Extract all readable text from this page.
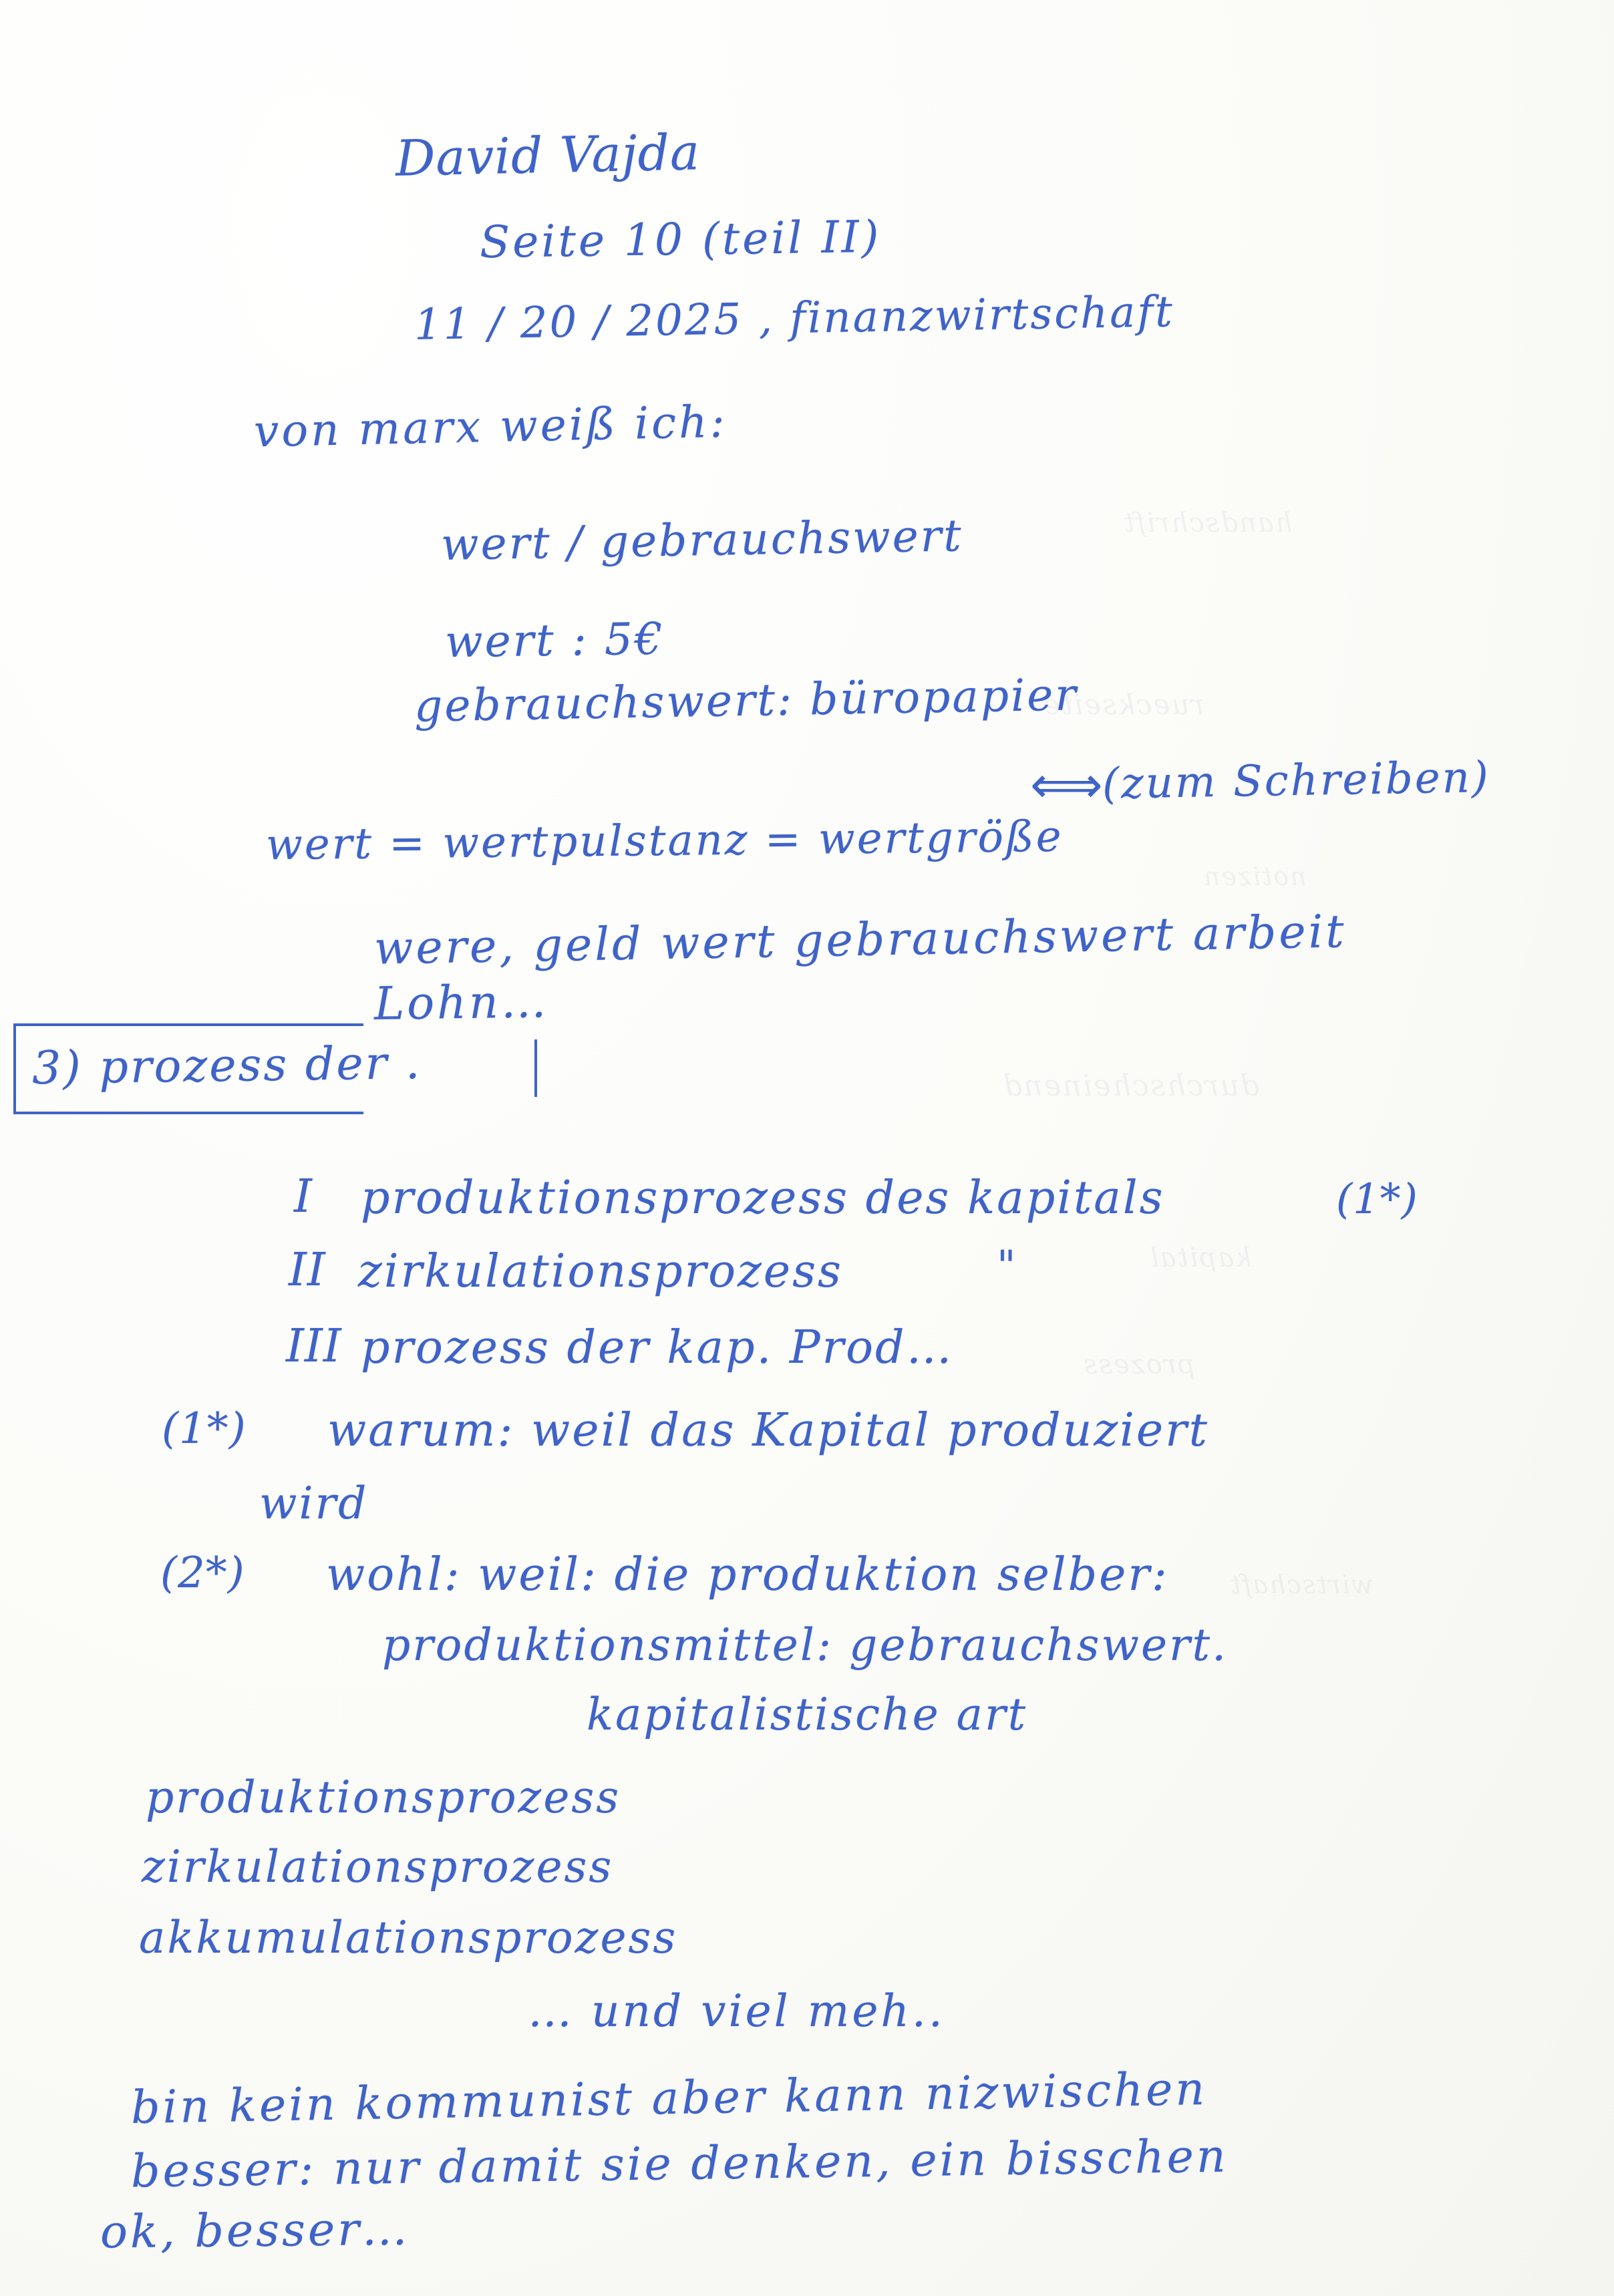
handschrift
rueckseite
notizen
durchscheinend
kapital
prozess
wirtschaft
David Vajda
Seite 10 (teil II)
11 / 20 / 2025 , finanzwirtschaft
von marx weiß ich:
wert / gebrauchswert
wert : 5€
gebrauchswert: büropapier
⟺
(zum Schreiben)
wert = wertpulstanz = wertgröße
were, geld wert gebrauchswert arbeit
Lohn…
3) prozess der .
I produktionsprozess des kapitals	(1*)
II zirkulationsprozess	"
III prozess der kap. Prod…
(1*) warum: weil das Kapital produziert
wird
(2*) wohl: weil: die produktion selber:
produktionsmittel: gebrauchswert.
kapitalistische art
produktionsprozess
zirkulationsprozess
akkumulationsprozess
… und viel meh..
bin kein kommunist aber kann nizwischen
besser: nur damit sie denken, ein bisschen
ok, besser…
